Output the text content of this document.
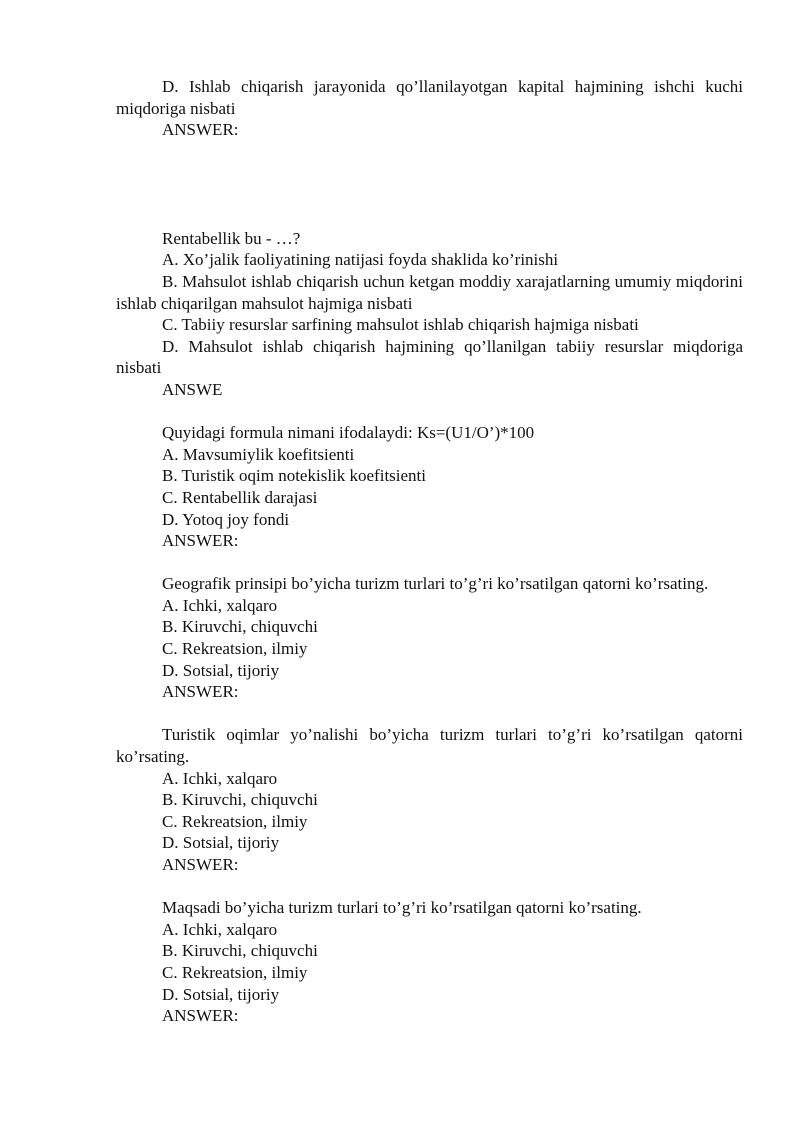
D. Ishlab chiqarish jarayonida qo’llanilayotgan kapital hajmining ishchi kuchi miqdoriga nisbati

ANSWER:

Rentabellik bu - …?

A. Xo’jalik faoliyatining natijasi foyda shaklida ko’rinishi

B. Mahsulot ishlab chiqarish uchun ketgan moddiy xarajatlarning umumiy miqdorini ishlab chiqarilgan mahsulot hajmiga nisbati

C. Tabiiy resurslar sarfining mahsulot ishlab chiqarish hajmiga nisbati

D. Mahsulot ishlab chiqarish hajmining qo’llanilgan tabiiy resurslar miqdoriga nisbati

ANSWE

Quyidagi formula nimani ifodalaydi: Ks=(U1/O’)*100

A. Mavsumiylik koefitsienti

B. Turistik oqim notekislik koefitsienti

C. Rentabellik darajasi

D. Yotoq joy fondi

ANSWER:

Geografik prinsipi bo’yicha turizm turlari to’g’ri ko’rsatilgan qatorni ko’rsating.

A. Ichki, xalqaro

B. Kiruvchi, chiquvchi

C. Rekreatsion, ilmiy

D. Sotsial, tijoriy

ANSWER:

Turistik oqimlar yo’nalishi bo’yicha turizm turlari to’g’ri ko’rsatilgan qatorni ko’rsating.

A. Ichki, xalqaro

B. Kiruvchi, chiquvchi

C. Rekreatsion, ilmiy

D. Sotsial, tijoriy

ANSWER:

Maqsadi bo’yicha turizm turlari to’g’ri ko’rsatilgan qatorni ko’rsating.

A. Ichki, xalqaro

B. Kiruvchi, chiquvchi

C. Rekreatsion, ilmiy

D. Sotsial, tijoriy

ANSWER:
